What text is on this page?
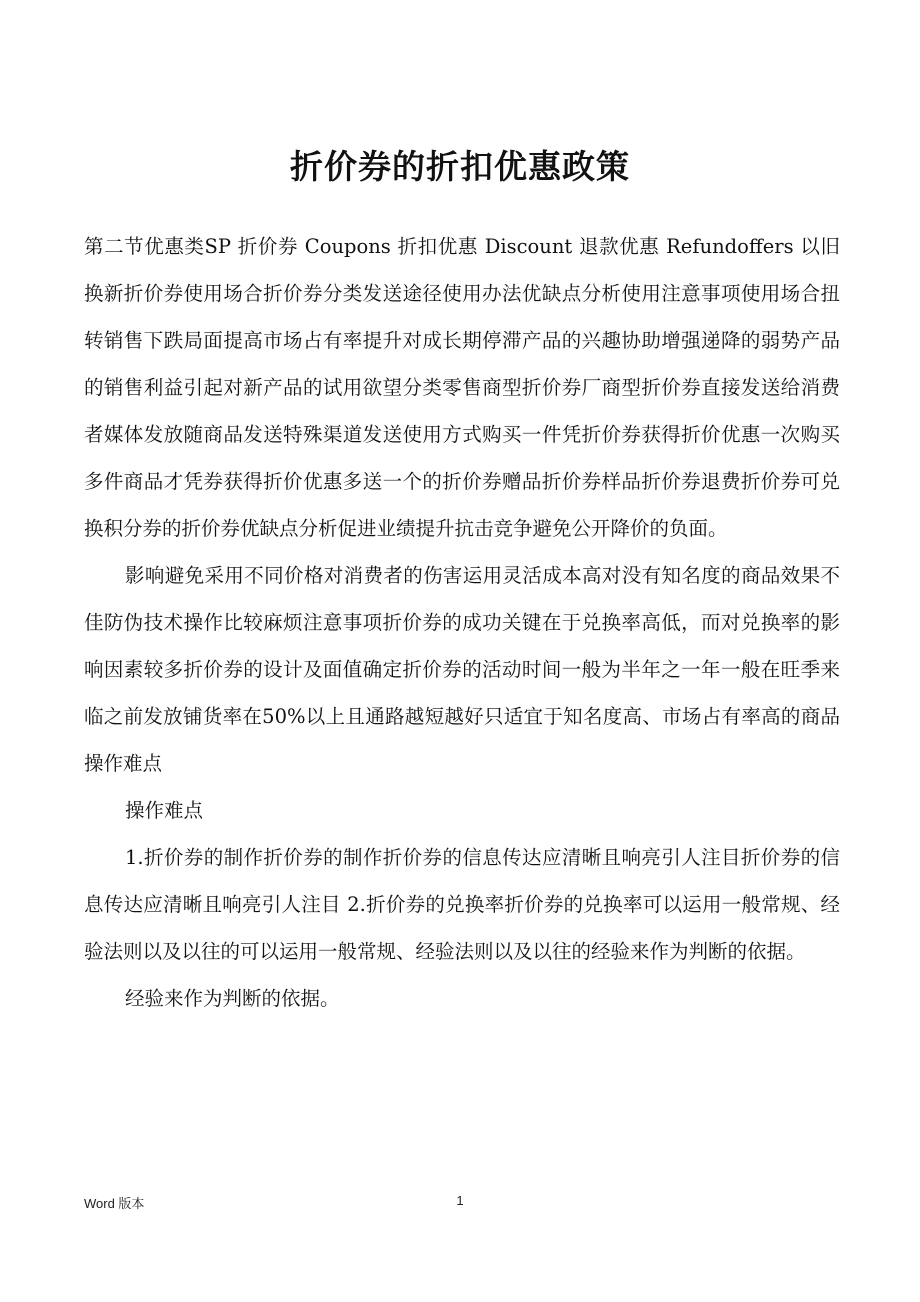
折价券的折扣优惠政策

第二节优惠类SP 折价券 Coupons 折扣优惠 Discount 退款优惠 Refundoffers 以旧换新折价券使用场合折价券分类发送途径使用办法优缺点分析使用注意事项使用场合扭转销售下跌局面提高市场占有率提升对成长期停滞产品的兴趣协助增强递降的弱势产品的销售利益引起对新产品的试用欲望分类零售商型折价券厂商型折价券直接发送给消费者媒体发放随商品发送特殊渠道发送使用方式购买一件凭折价券获得折价优惠一次购买多件商品才凭券获得折价优惠多送一个的折价券赠品折价券样品折价券退费折价券可兑换积分券的折价券优缺点分析促进业绩提升抗击竞争避免公开降价的负面。

影响避免采用不同价格对消费者的伤害运用灵活成本高对没有知名度的商品效果不佳防伪技术操作比较麻烦注意事项折价券的成功关键在于兑换率高低，而对兑换率的影响因素较多折价券的设计及面值确定折价券的活动时间一般为半年之一年一般在旺季来临之前发放铺货率在50%以上且通路越短越好只适宜于知名度高、市场占有率高的商品操作难点

操作难点

1.折价券的制作折价券的制作折价券的信息传达应清晰且响亮引人注目折价券的信息传达应清晰且响亮引人注目 2.折价券的兑换率折价券的兑换率可以运用一般常规、经验法则以及以往的可以运用一般常规、经验法则以及以往的经验来作为判断的依据。

经验来作为判断的依据。

Word 版本	1
